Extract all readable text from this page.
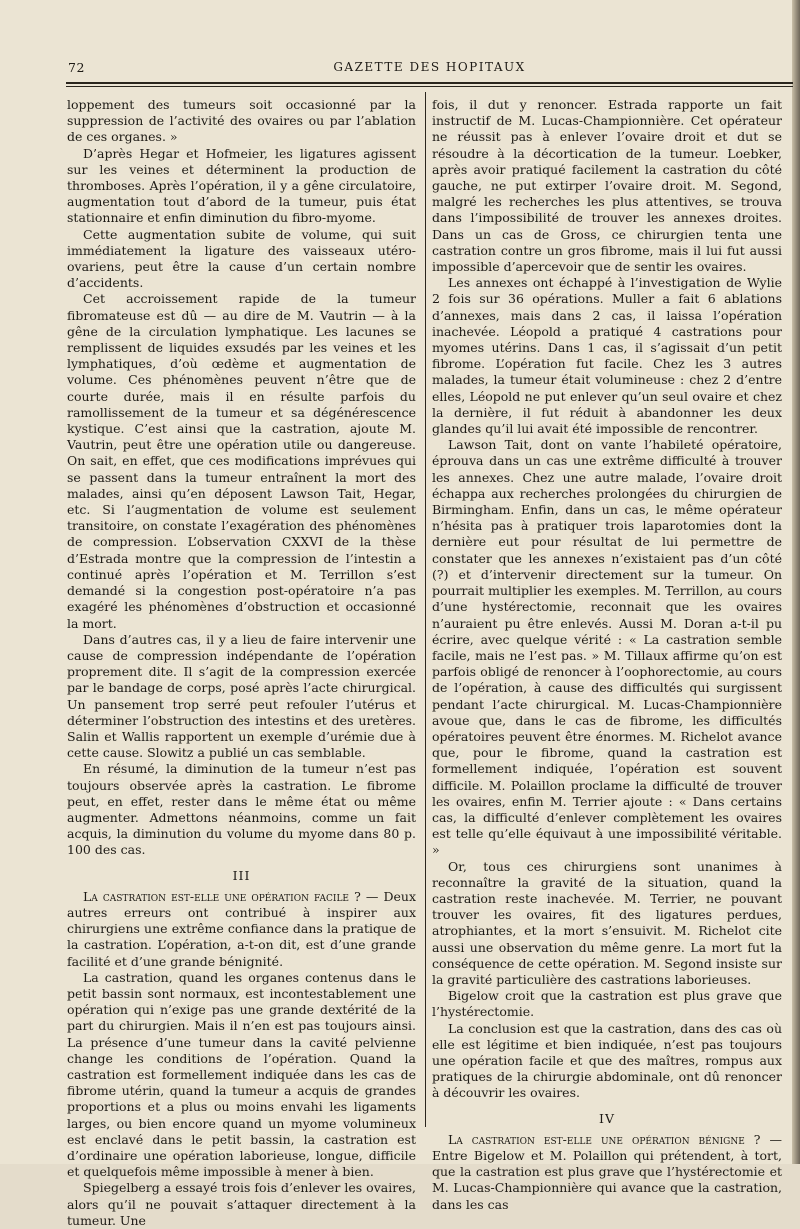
72	GAZETTE DES HOPITAUX

loppement des tumeurs soit occasionné par la suppression de l’activité des ovaires ou par l’ablation de ces organes. »

D’après Hegar et Hofmeier, les ligatures agissent sur les veines et déterminent la production de thromboses. Après l’opération, il y a gêne circulatoire, augmentation tout d’abord de la tumeur, puis état stationnaire et enfin diminution du fibro-myome.

Cette augmentation subite de volume, qui suit immédiatement la ligature des vaisseaux utéro-ovariens, peut être la cause d’un certain nombre d’accidents.

Cet accroissement rapide de la tumeur fibromateuse est dû — au dire de M. Vautrin — à la gêne de la circulation lymphatique. Les lacunes se remplissent de liquides exsudés par les veines et les lymphatiques, d’où œdème et augmentation de volume. Ces phénomènes peuvent n’être que de courte durée, mais il en résulte parfois du ramollissement de la tumeur et sa dégénérescence kystique. C’est ainsi que la castration, ajoute M. Vautrin, peut être une opération utile ou dangereuse. On sait, en effet, que ces modifications imprévues qui se passent dans la tumeur entraînent la mort des malades, ainsi qu’en déposent Lawson Tait, Hegar, etc. Si l’augmentation de volume est seulement transitoire, on constate l’exagération des phénomènes de compression. L’observation CXXVI de la thèse d’Estrada montre que la compression de l’intestin a continué après l’opération et M. Terrillon s’est demandé si la congestion post-opératoire n’a pas exagéré les phénomènes d’obstruction et occasionné la mort.

Dans d’autres cas, il y a lieu de faire intervenir une cause de compression indépendante de l’opération proprement dite. Il s’agit de la compression exercée par le bandage de corps, posé après l’acte chirurgical. Un pansement trop serré peut refouler l’utérus et déterminer l’obstruction des intestins et des uretères. Salin et Wallis rapportent un exemple d’urémie due à cette cause. Slowitz a publié un cas semblable.

En résumé, la diminution de la tumeur n’est pas toujours observée après la castration. Le fibrome peut, en effet, rester dans le même état ou même augmenter. Admettons néanmoins, comme un fait acquis, la diminution du volume du myome dans 80 p. 100 des cas.

III

La castration est-elle une opération facile ? — Deux autres erreurs ont contribué à inspirer aux chirurgiens une extrême confiance dans la pratique de la castration. L’opération, a-t-on dit, est d’une grande facilité et d’une grande bénignité.

La castration, quand les organes contenus dans le petit bassin sont normaux, est incontestablement une opération qui n’exige pas une grande dextérité de la part du chirurgien. Mais il n’en est pas toujours ainsi. La présence d’une tumeur dans la cavité pelvienne change les conditions de l’opération. Quand la castration est formellement indiquée dans les cas de fibrome utérin, quand la tumeur a acquis de grandes proportions et a plus ou moins envahi les ligaments larges, ou bien encore quand un myome volumineux est enclavé dans le petit bassin, la castration est d’ordinaire une opération laborieuse, longue, difficile et quelquefois même impossible à mener à bien.

Spiegelberg a essayé trois fois d’enlever les ovaires, alors qu’il ne pouvait s’attaquer directement à la tumeur. Une

fois, il dut y renoncer. Estrada rapporte un fait instructif de M. Lucas-Championnière. Cet opérateur ne réussit pas à enlever l’ovaire droit et dut se résoudre à la décortication de la tumeur. Loebker, après avoir pratiqué facilement la castration du côté gauche, ne put extirper l’ovaire droit. M. Segond, malgré les recherches les plus attentives, se trouva dans l’impossibilité de trouver les annexes droites. Dans un cas de Gross, ce chirurgien tenta une castration contre un gros fibrome, mais il lui fut aussi impossible d’apercevoir que de sentir les ovaires.

Les annexes ont échappé à l’investigation de Wylie 2 fois sur 36 opérations. Muller a fait 6 ablations d’annexes, mais dans 2 cas, il laissa l’opération inachevée. Léopold a pratiqué 4 castrations pour myomes utérins. Dans 1 cas, il s’agissait d’un petit fibrome. L’opération fut facile. Chez les 3 autres malades, la tumeur était volumineuse : chez 2 d’entre elles, Léopold ne put enlever qu’un seul ovaire et chez la dernière, il fut réduit à abandonner les deux glandes qu’il lui avait été impossible de rencontrer.

Lawson Tait, dont on vante l’habileté opératoire, éprouva dans un cas une extrême difficulté à trouver les annexes. Chez une autre malade, l’ovaire droit échappa aux recherches prolongées du chirurgien de Birmingham. Enfin, dans un cas, le même opérateur n’hésita pas à pratiquer trois laparotomies dont la dernière eut pour résultat de lui permettre de constater que les annexes n’existaient pas d’un côté (?) et d’intervenir directement sur la tumeur. On pourrait multiplier les exemples. M. Terrillon, au cours d’une hystérectomie, reconnait que les ovaires n’auraient pu être enlevés. Aussi M. Doran a-t-il pu écrire, avec quelque vérité : « La castration semble facile, mais ne l’est pas. » M. Tillaux affirme qu’on est parfois obligé de renoncer à l’oophorectomie, au cours de l’opération, à cause des difficultés qui surgissent pendant l’acte chirurgical. M. Lucas-Championnière avoue que, dans le cas de fibrome, les difficultés opératoires peuvent être énormes. M. Richelot avance que, pour le fibrome, quand la castration est formellement indiquée, l’opération est souvent difficile. M. Polaillon proclame la difficulté de trouver les ovaires, enfin M. Terrier ajoute : « Dans certains cas, la difficulté d’enlever complètement les ovaires est telle qu’elle équivaut à une impossibilité véritable. »

Or, tous ces chirurgiens sont unanimes à reconnaître la gravité de la situation, quand la castration reste inachevée. M. Terrier, ne pouvant trouver les ovaires, fit des ligatures perdues, atrophiantes, et la mort s’ensuivit. M. Richelot cite aussi une observation du même genre. La mort fut la conséquence de cette opération. M. Segond insiste sur la gravité particulière des castrations laborieuses.

Bigelow croit que la castration est plus grave que l’hystérectomie.

La conclusion est que la castration, dans des cas où elle est légitime et bien indiquée, n’est pas toujours une opération facile et que des maîtres, rompus aux pratiques de la chirurgie abdominale, ont dû renoncer à découvrir les ovaires.

IV

La castration est-elle une opération bénigne ? — Entre Bigelow et M. Polaillon qui prétendent, à tort, que la castration est plus grave que l’hystérectomie et M. Lucas-Championnière qui avance que la castration, dans les cas
